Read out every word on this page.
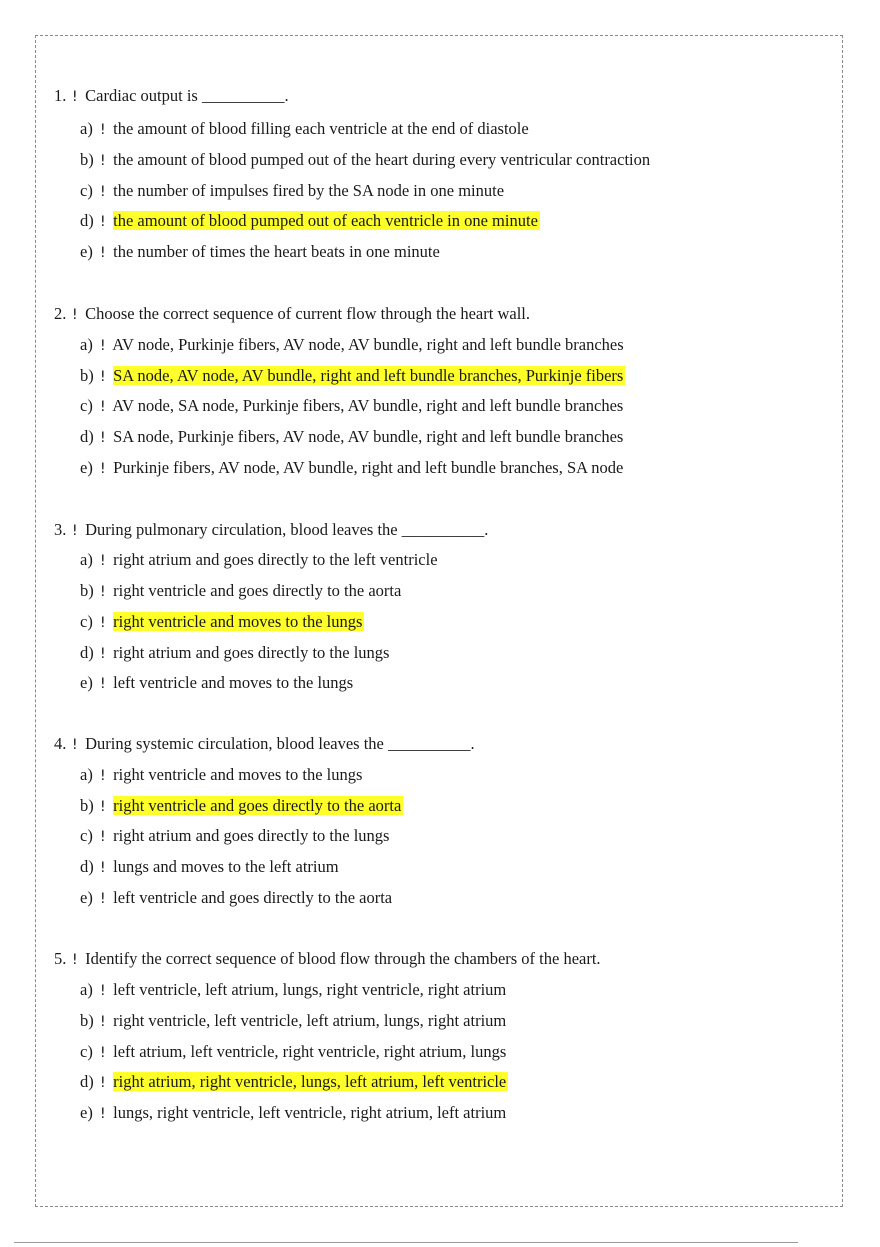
1. ! Cardiac output is __________.
a) ! the amount of blood filling each ventricle at the end of diastole
b) ! the amount of blood pumped out of the heart during every ventricular contraction
c) ! the number of impulses fired by the SA node in one minute
d) ! the amount of blood pumped out of each ventricle in one minute
e) ! the number of times the heart beats in one minute
2. ! Choose the correct sequence of current flow through the heart wall.
a) ! AV node, Purkinje fibers, AV node, AV bundle, right and left bundle branches
b) ! SA node, AV node, AV bundle, right and left bundle branches, Purkinje fibers
c) ! AV node, SA node, Purkinje fibers, AV bundle, right and left bundle branches
d) ! SA node, Purkinje fibers, AV node, AV bundle, right and left bundle branches
e) ! Purkinje fibers, AV node, AV bundle, right and left bundle branches, SA node
3. ! During pulmonary circulation, blood leaves the __________.
a) ! right atrium and goes directly to the left ventricle
b) ! right ventricle and goes directly to the aorta
c) ! right ventricle and moves to the lungs
d) ! right atrium and goes directly to the lungs
e) ! left ventricle and moves to the lungs
4. ! During systemic circulation, blood leaves the __________.
a) ! right ventricle and moves to the lungs
b) ! right ventricle and goes directly to the aorta
c) ! right atrium and goes directly to the lungs
d) ! lungs and moves to the left atrium
e) ! left ventricle and goes directly to the aorta
5. ! Identify the correct sequence of blood flow through the chambers of the heart.
a) ! left ventricle, left atrium, lungs, right ventricle, right atrium
b) ! right ventricle, left ventricle, left atrium, lungs, right atrium
c) ! left atrium, left ventricle, right ventricle, right atrium, lungs
d) ! right atrium, right ventricle, lungs, left atrium, left ventricle
e) ! lungs, right ventricle, left ventricle, right atrium, left atrium
